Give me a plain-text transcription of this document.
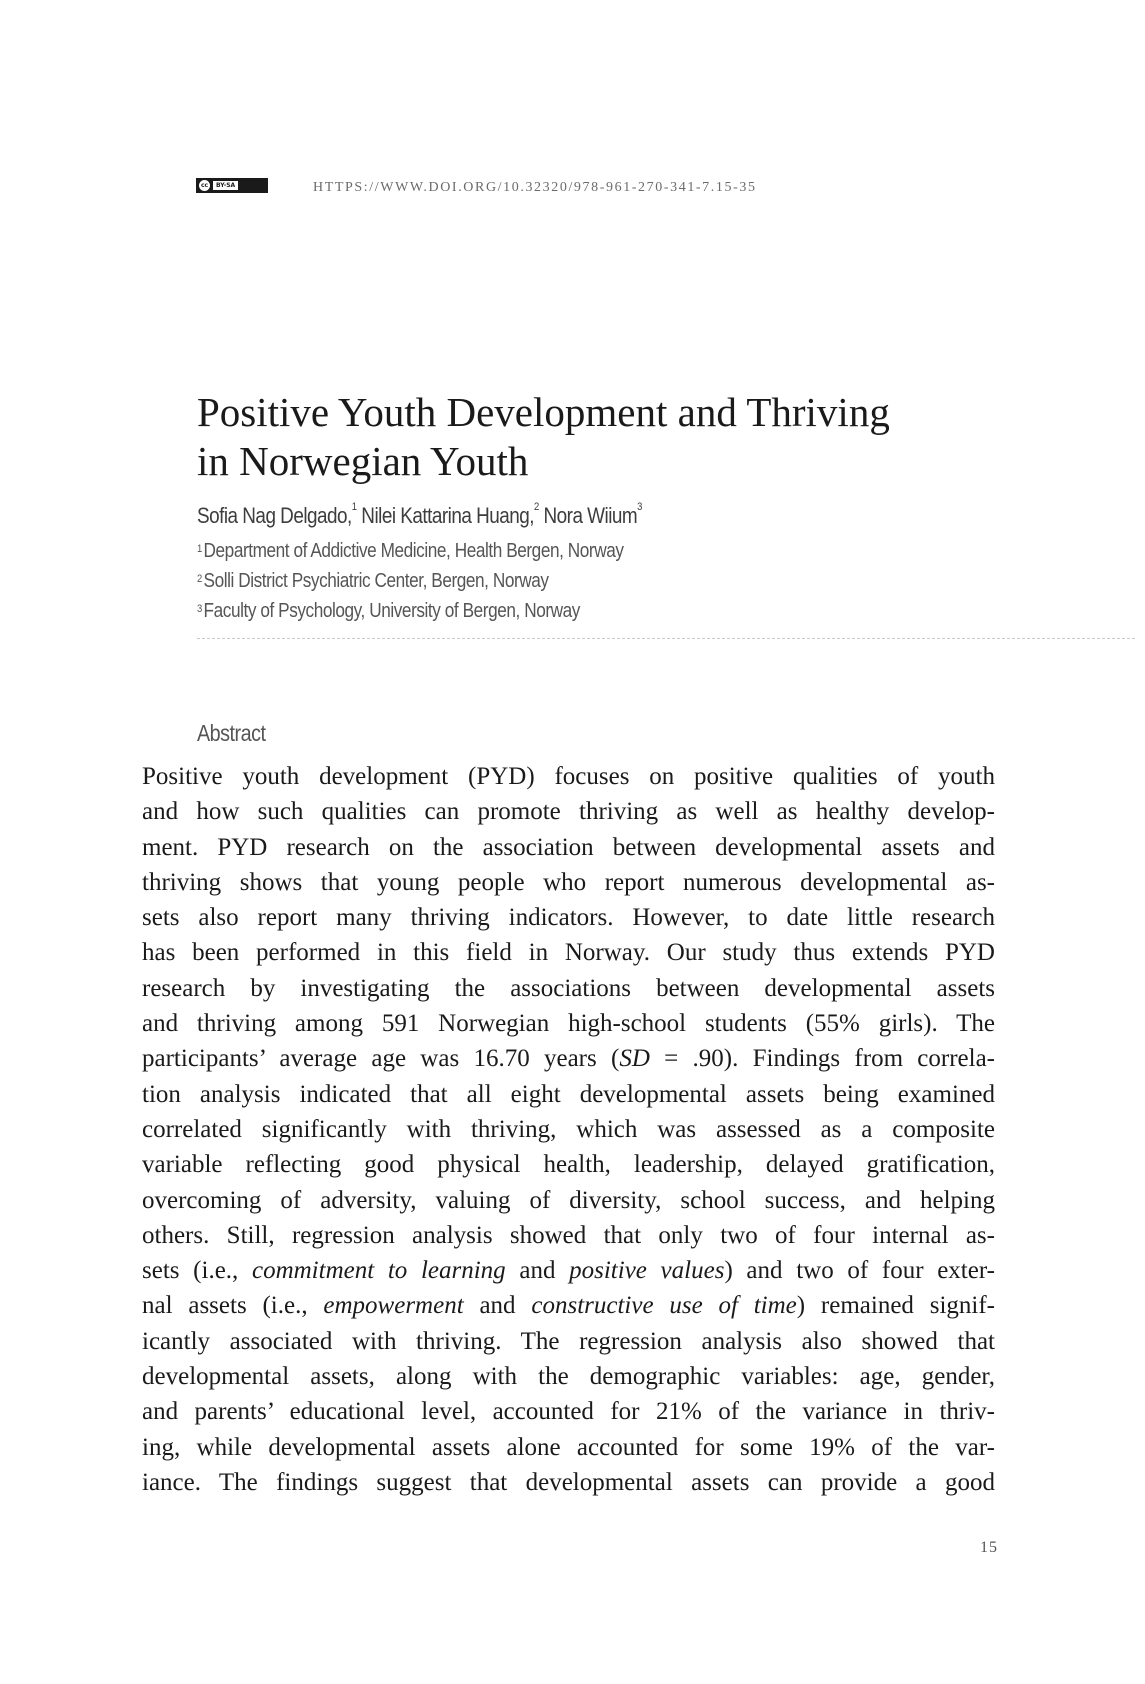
cc	BY-SA	HTTPS://WWW.DOI.ORG/10.32320/978-961-270-341-7.15-35
Positive Youth Development and Thriving
in Norwegian Youth
Sofia Nag Delgado,$^1$ Nilei Kattarina Huang,$^2$ Nora Wiium$^3$
$^1$Department of Addictive Medicine, Health Bergen, Norway
$^2$Solli District Psychiatric Center, Bergen, Norway
$^3$Faculty of Psychology, University of Bergen, Norway
Abstract
Positive youth development (PYD) focuses on positive qualities of youth
and how such qualities can promote thriving as well as healthy develop-
ment. PYD research on the association between developmental assets and
thriving shows that young people who report numerous developmental as-
sets also report many thriving indicators. However, to date little research
has been performed in this field in Norway. Our study thus extends PYD
research by investigating the associations between developmental assets
and thriving among 591 Norwegian high-school students (55% girls). The
participants’ average age was 16.70 years (SD = .90). Findings from correla-
tion analysis indicated that all eight developmental assets being examined
correlated significantly with thriving, which was assessed as a composite
variable reflecting good physical health, leadership, delayed gratification,
overcoming of adversity, valuing of diversity, school success, and helping
others. Still, regression analysis showed that only two of four internal as-
sets (i.e., commitment to learning and positive values) and two of four exter-
nal assets (i.e., empowerment and constructive use of time) remained signif-
icantly associated with thriving. The regression analysis also showed that
developmental assets, along with the demographic variables: age, gender,
and parents’ educational level, accounted for 21% of the variance in thriv-
ing, while developmental assets alone accounted for some 19% of the var-
iance. The findings suggest that developmental assets can provide a good
15
